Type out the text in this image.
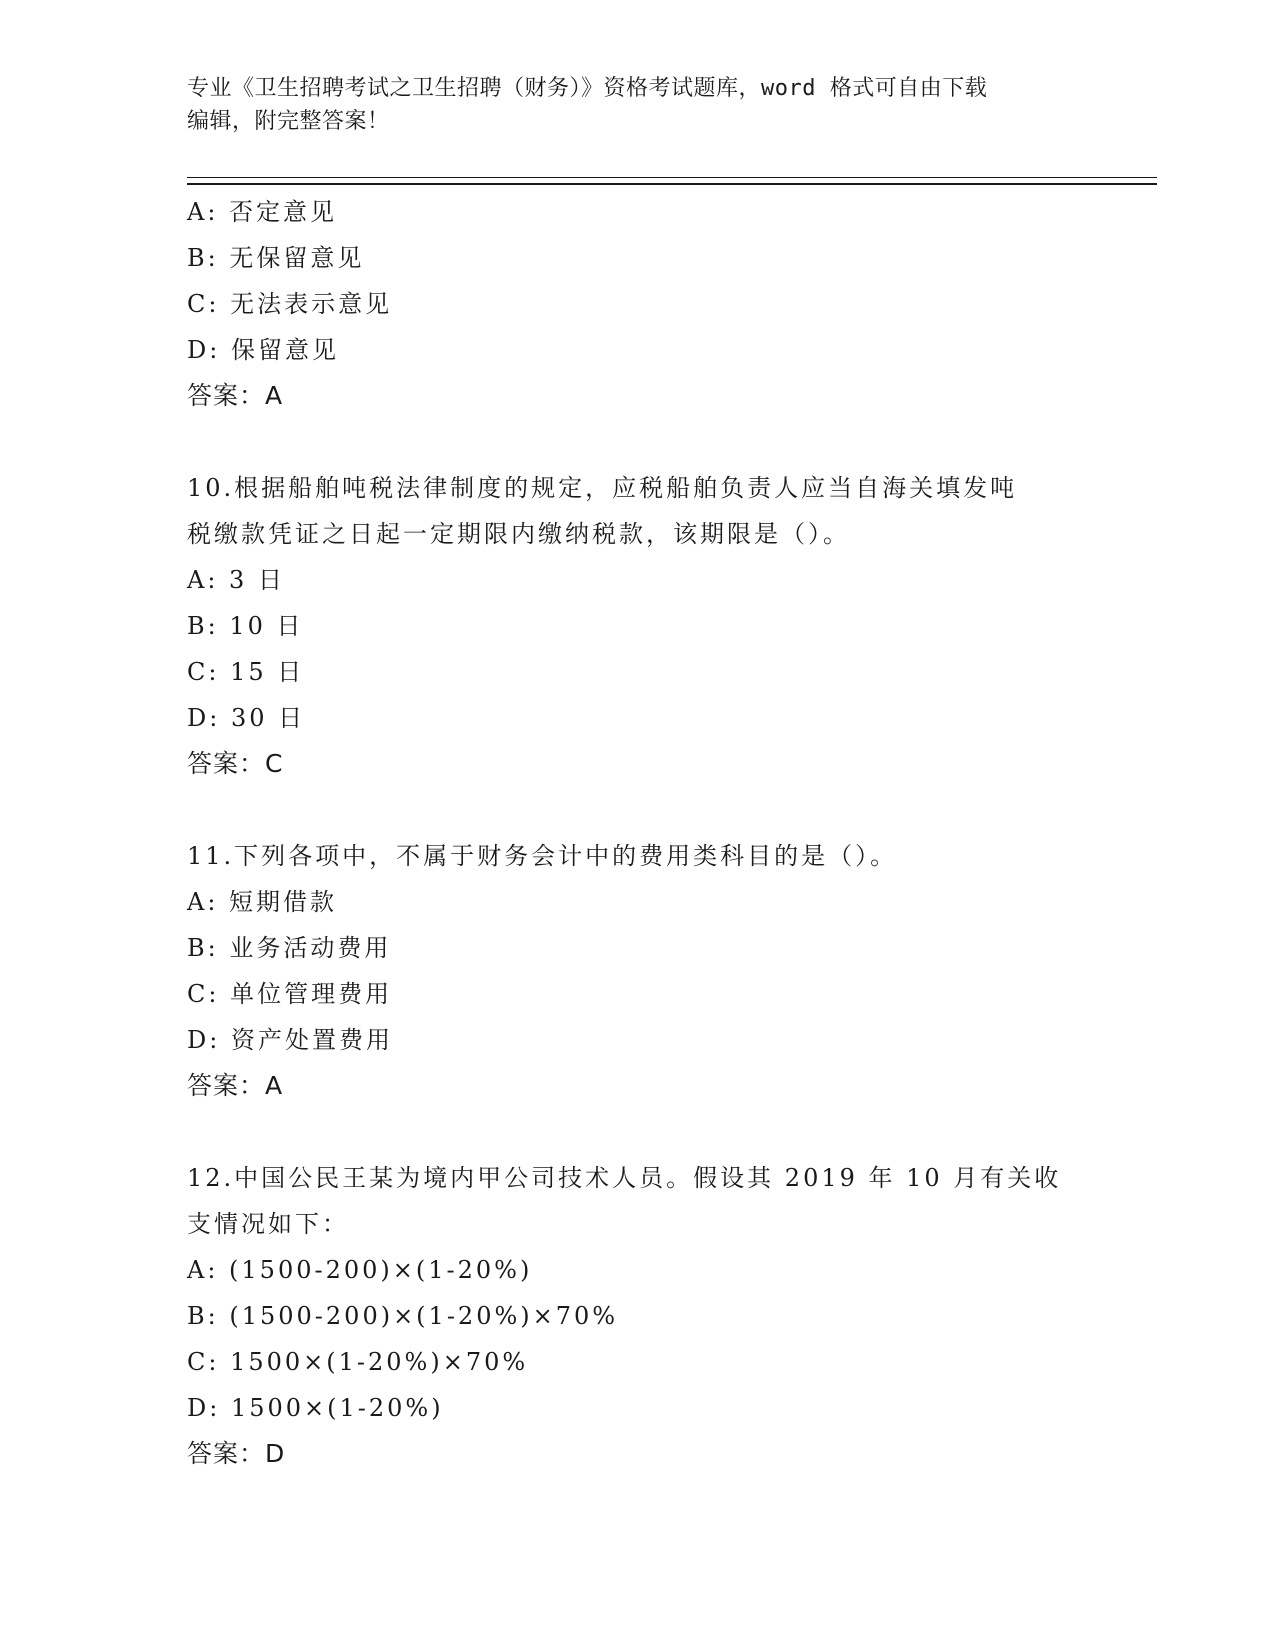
专业《卫生招聘考试之卫生招聘（财务）》资格考试题库，word 格式可自由下载
编辑，附完整答案！
A: 否定意见
B: 无保留意见
C: 无法表示意见
D: 保留意见
答案：A
10.根据船舶吨税法律制度的规定，应税船舶负责人应当自海关填发吨
税缴款凭证之日起一定期限内缴纳税款，该期限是（）。
A: 3 日
B: 10 日
C: 15 日
D: 30 日
答案：C
11.下列各项中，不属于财务会计中的费用类科目的是（）。
A: 短期借款
B: 业务活动费用
C: 单位管理费用
D: 资产处置费用
答案：A
12.中国公民王某为境内甲公司技术人员。假设其 2019 年 10 月有关收
支情况如下：
A: (1500-200)×(1-20%)
B: (1500-200)×(1-20%)×70%
C: 1500×(1-20%)×70%
D: 1500×(1-20%)
答案：D
